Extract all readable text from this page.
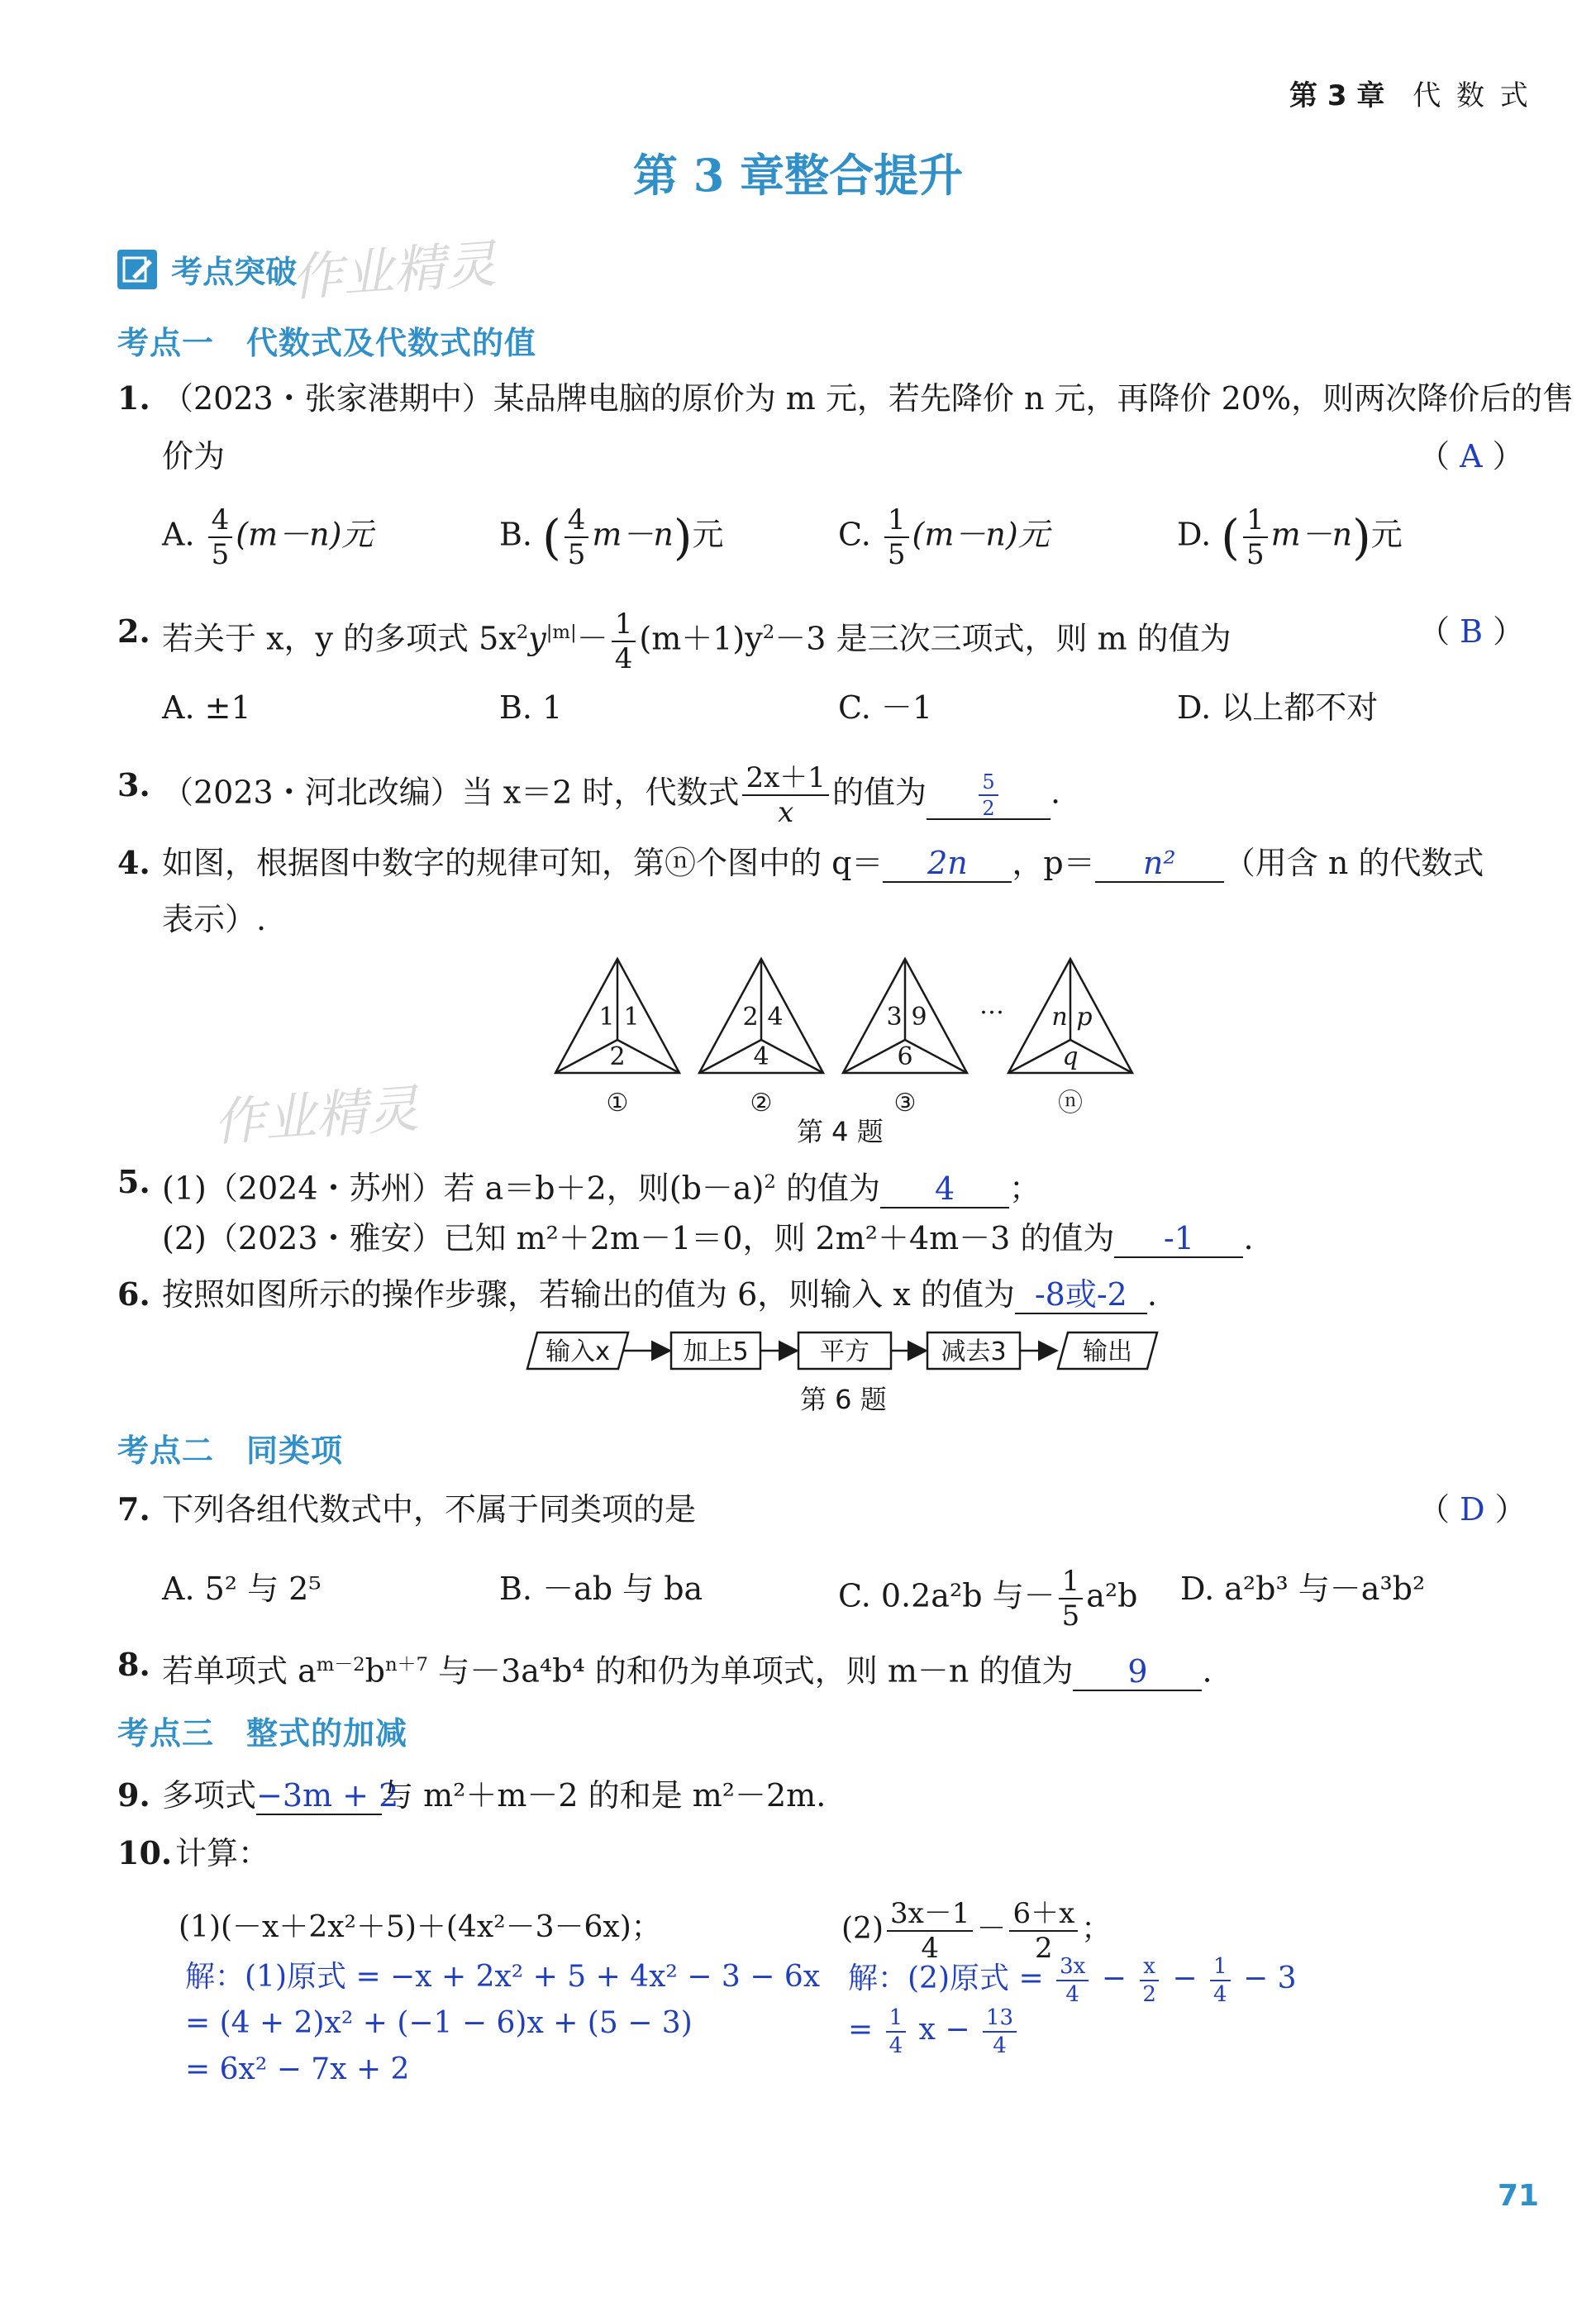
第 3 章 代 数 式
第 3 章整合提升
考点突破
作业精灵
考点一　代数式及代数式的值
1. （2023・张家港期中）某品牌电脑的原价为 m 元，若先降价 n 元，再降价 20%，则两次降价后的售
价为	（ A ）
A. $\frac{4}{5} (m-n)$元	B. ( $\frac{4}{5} m-n$)元	C. $\frac{1}{5} (m-n)$元	D. ( $\frac{1}{5} m-n$)元
2. 若关于 x，y 的多项式 $5x^2y^{|m|}- \frac{1}{4} (m+1)y^2-3$ 是三次三项式，则 m 的值为	（ B ）
A. ±1	B. 1	C. －1	D. 以上都不对
3. （2023・河北改编）当 x＝2 时，代数式 $\frac{2x+1}{x}$ 的值为	$\frac{5}{2}$ .
4. 如图，根据图中数字的规律可知，第ⓝ个图中的 q＝ 2n ，p＝ n² （用含 n 的代数式
表示）.
1 1
2
①
2 4
4
②
3 9
6
③
… n p
q
ⓝ
第 4 题
作业精灵
5. (1)（2024・苏州）若 a＝b＋2，则$(b-a)^2$ 的值为 4 ；
(2)（2023・雅安）已知 m²＋2m－1＝0，则 2m²＋4m－3 的值为 -1 .
6. 按照如图所示的操作步骤，若输出的值为 6，则输入 x 的值为 -8或-2 .
输入x	加上5	平方	减去3	输出
第 6 题
考点二　同类项
7. 下列各组代数式中，不属于同类项的是	（ D ）
A. 5² 与 2⁵	B. －ab 与 ba	C. 0.2a²b 与－ $\frac{1}{5} a^2b$ D. a²b³ 与－a³b²
8. 若单项式 $a^{m-2}b^{n+7}$ 与－3a⁴b⁴ 的和仍为单项式，则 m－n 的值为 9 .
考点三　整式的加减
9. 多项式−3m + 2与 m²＋m－2 的和是 m²－2m.
10. 计算：
(1)(－x＋2x²＋5)＋(4x²－3－6x)；
解：(1)原式 = −x + 2x² + 5 + 4x² − 3 − 6x
= (4 + 2)x² + (−1 − 6)x + (5 − 3)
= 6x² − 7x + 2
$(2) \frac{3x-1}{4} - \frac{6+x}{2}$ ；
解：(2)原式 = $\frac{3x}{4} - \frac{x}{2} - \frac{1}{4} - 3$
= $\frac{1}{4}$ $x - \frac{13}{4}$
71
